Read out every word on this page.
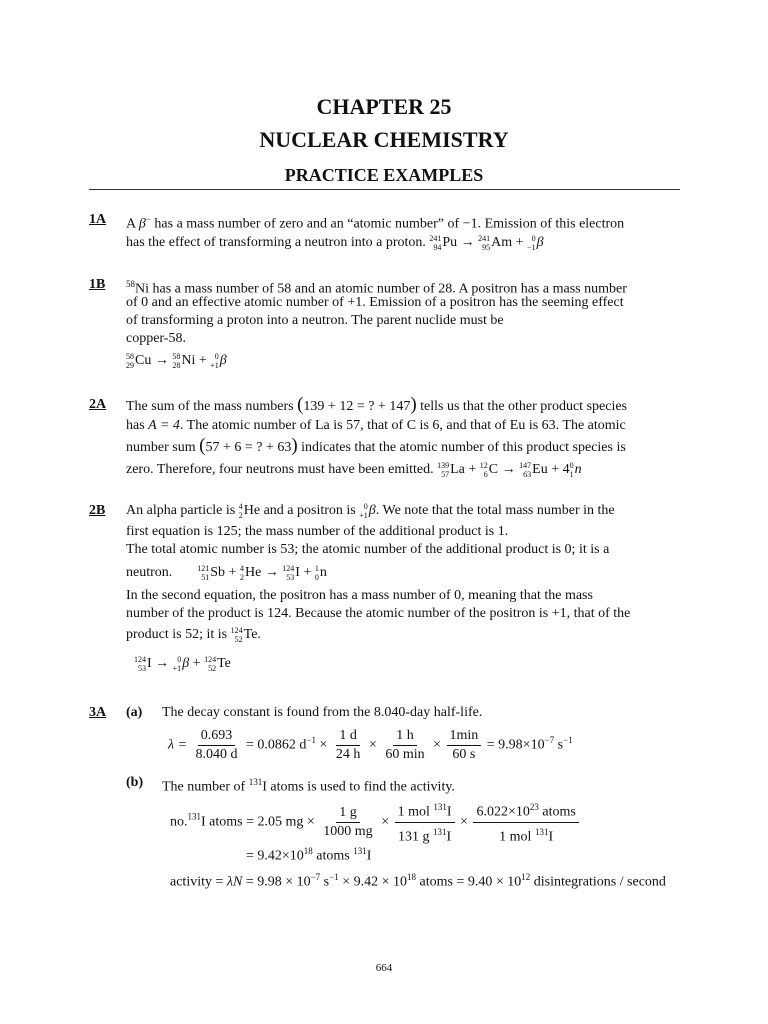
CHAPTER 25
NUCLEAR CHEMISTRY
PRACTICE EXAMPLES
1A A β− has a mass number of zero and an “atomic number” of −1. Emission of this electron
has the effect of transforming a neutron into a proton. 241
94 Pu → 241
95 Am + 0
−1 β
1B $^{58}$Ni has a mass number of 58 and an atomic number of 28. A positron has a mass number
of 0 and an effective atomic number of +1. Emission of a positron has the seeming effect
of transforming a proton into a neutron. The parent nuclide must be
copper-58.
58
29 Cu → 58
28 Ni + 0
+1 β
2A The sum of the mass numbers (139 + 12 = ? + 147) tells us that the other product species
has A = 4. The atomic number of La is 57, that of C is 6, and that of Eu is 63. The atomic
number sum (57 + 6 = ? + 63) indicates that the atomic number of this product species is
zero. Therefore, four neutrons must have been emitted. 139
57 La + 12
6 C → 147
63 Eu + 4 0
1 n
2B An alpha particle is 4
2 He and a positron is 0
+1 β . We note that the total mass number in the
first equation is 125; the mass number of the additional product is 1.
The total atomic number is 53; the atomic number of the additional product is 0; it is a
neutron.	121
51 Sb + 4
2 He → 124
53 I + 1
0 n
In the second equation, the positron has a mass number of 0, meaning that the mass
number of the product is 124. Because the atomic number of the positron is +1, that of the
product is 52; it is 124
52 Te .
124
53 I → 0
+1 β + 124
52 Te
3A (a) The decay constant is found from the 8.040-day half-life.
$\lambda = \frac{0.693}{8.040 d} = 0.0862$ $d^{-1} \times \frac{1 d}{24 h} \times \frac{1 h}{60 \min} \times \frac{1\min}{60 s} = 9.98\times 10^{-7}$ $s^{-1}$
(b) The number of $^{131}$I atoms is used to find the activity.
no.$^{131}$I atoms = 2.05 mg × $\frac{1 g}{1000 mg} \times \frac{1 mol ^{131}I}{131 g ^{131}I} \times \frac{6.022\times 10^{23} atoms}{1 mol ^{131}I}$
= $9.42\times 10^{18}$ atoms $^{131}$I
activity = $\lambda N = 9.98 \times 10^{-7}$ $s^{-1} \times 9.42 \times 10^{18}$ atoms = $9.40 \times 10^{12}$ disintegrations / second
664
